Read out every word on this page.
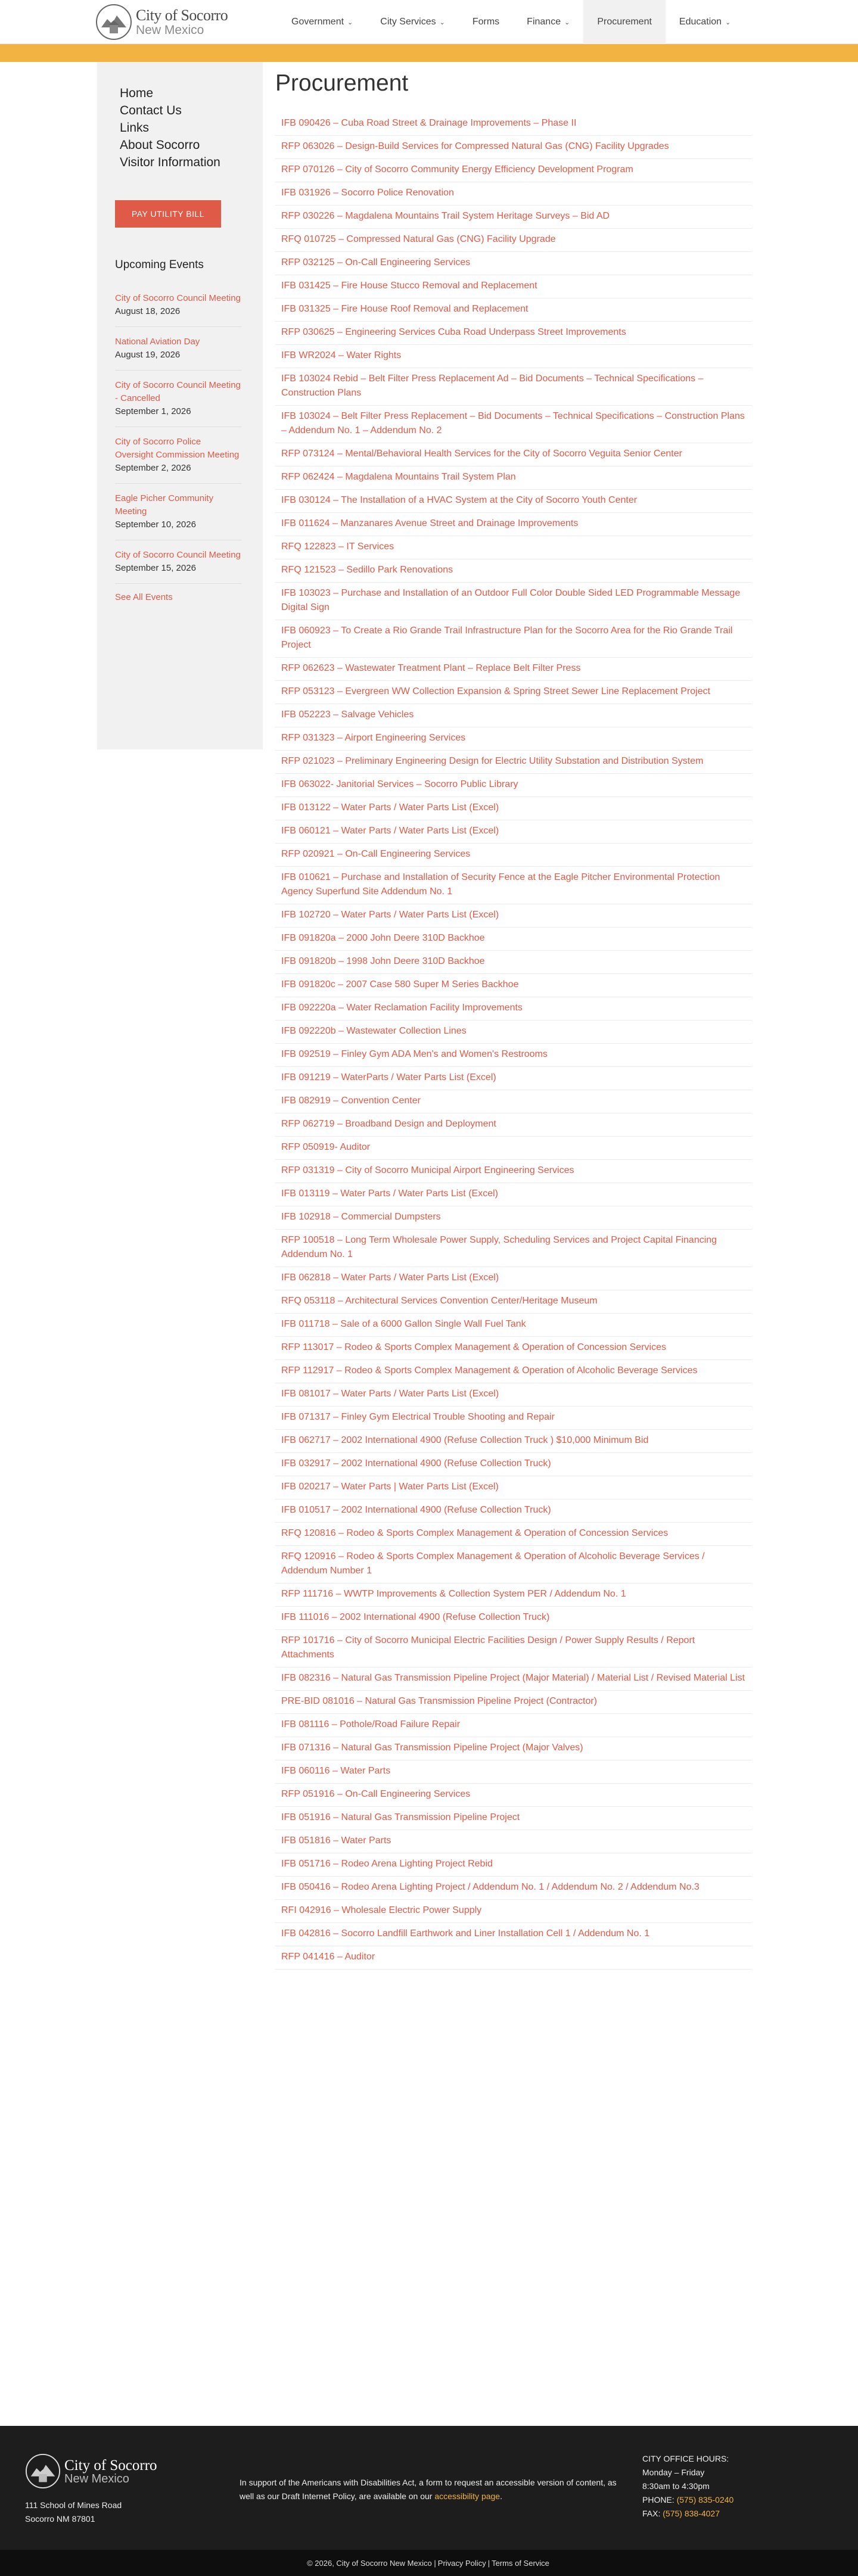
City of Socorro
New Mexico
Government ⌄	City Services ⌄	Forms	Finance ⌄	Procurement	Education ⌄
Home
Contact Us
Links
About Socorro
Visitor Information
PAY UTILITY BILL
Upcoming Events
City of Socorro Council Meeting
August 18, 2026
National Aviation Day
August 19, 2026
City of Socorro Council Meeting - Cancelled
September 1, 2026
City of Socorro Police Oversight Commission Meeting
September 2, 2026
Eagle Picher Community Meeting
September 10, 2026
City of Socorro Council Meeting
September 15, 2026
See All Events
Procurement
IFB 090426 – Cuba Road Street & Drainage Improvements – Phase II
RFP 063026 – Design-Build Services for Compressed Natural Gas (CNG) Facility Upgrades
RFP 070126 – City of Socorro Community Energy Efficiency Development Program
IFB 031926 – Socorro Police Renovation
RFP 030226 – Magdalena Mountains Trail System Heritage Surveys – Bid AD
RFQ 010725 – Compressed Natural Gas (CNG) Facility Upgrade
RFP 032125 – On-Call Engineering Services
IFB 031425 – Fire House Stucco Removal and Replacement
IFB 031325 – Fire House Roof Removal and Replacement
RFP 030625 – Engineering Services Cuba Road Underpass Street Improvements
IFB WR2024 – Water Rights
IFB 103024 Rebid – Belt Filter Press Replacement Ad – Bid Documents – Technical Specifications – Construction Plans
IFB 103024 – Belt Filter Press Replacement – Bid Documents – Technical Specifications – Construction Plans – Addendum No. 1 – Addendum No. 2
RFP 073124 – Mental/Behavioral Health Services for the City of Socorro Veguita Senior Center
RFP 062424 – Magdalena Mountains Trail System Plan
IFB 030124 – The Installation of a HVAC System at the City of Socorro Youth Center
IFB 011624 – Manzanares Avenue Street and Drainage Improvements
RFQ 122823 – IT Services
RFQ 121523 – Sedillo Park Renovations
IFB 103023 – Purchase and Installation of an Outdoor Full Color Double Sided LED Programmable Message Digital Sign
IFB 060923 – To Create a Rio Grande Trail Infrastructure Plan for the Socorro Area for the Rio Grande Trail Project
RFP 062623 – Wastewater Treatment Plant – Replace Belt Filter Press
RFP 053123 – Evergreen WW Collection Expansion & Spring Street Sewer Line Replacement Project
IFB 052223 – Salvage Vehicles
RFP 031323 – Airport Engineering Services
RFP 021023 – Preliminary Engineering Design for Electric Utility Substation and Distribution System
IFB 063022- Janitorial Services – Socorro Public Library
IFB 013122 – Water Parts / Water Parts List (Excel)
IFB 060121 – Water Parts / Water Parts List (Excel)
RFP 020921 – On-Call Engineering Services
IFB 010621 – Purchase and Installation of Security Fence at the Eagle Pitcher Environmental Protection Agency Superfund Site Addendum No. 1
IFB 102720 – Water Parts / Water Parts List (Excel)
IFB 091820a – 2000 John Deere 310D Backhoe
IFB 091820b – 1998 John Deere 310D Backhoe
IFB 091820c – 2007 Case 580 Super M Series Backhoe
IFB 092220a – Water Reclamation Facility Improvements
IFB 092220b – Wastewater Collection Lines
IFB 092519 – Finley Gym ADA Men's and Women's Restrooms
IFB 091219 – WaterParts / Water Parts List (Excel)
IFB 082919 – Convention Center
RFP 062719 – Broadband Design and Deployment
RFP 050919- Auditor
RFP 031319 – City of Socorro Municipal Airport Engineering Services
IFB 013119 – Water Parts / Water Parts List (Excel)
IFB 102918 – Commercial Dumpsters
RFP 100518 – Long Term Wholesale Power Supply, Scheduling Services and Project Capital Financing Addendum No. 1
IFB 062818 – Water Parts / Water Parts List (Excel)
RFQ 053118 – Architectural Services Convention Center/Heritage Museum
IFB 011718 – Sale of a 6000 Gallon Single Wall Fuel Tank
RFP 113017 – Rodeo & Sports Complex Management & Operation of Concession Services
RFP 112917 – Rodeo & Sports Complex Management & Operation of Alcoholic Beverage Services
IFB 081017 – Water Parts / Water Parts List (Excel)
IFB 071317 – Finley Gym Electrical Trouble Shooting and Repair
IFB 062717 – 2002 International 4900 (Refuse Collection Truck ) $10,000 Minimum Bid
IFB 032917 – 2002 International 4900 (Refuse Collection Truck)
IFB 020217 – Water Parts | Water Parts List (Excel)
IFB 010517 – 2002 International 4900 (Refuse Collection Truck)
RFQ 120816 – Rodeo & Sports Complex Management & Operation of Concession Services
RFQ 120916 – Rodeo & Sports Complex Management & Operation of Alcoholic Beverage Services / Addendum Number 1
RFP 111716 – WWTP Improvements & Collection System PER / Addendum No. 1
IFB 111016 – 2002 International 4900 (Refuse Collection Truck)
RFP 101716 – City of Socorro Municipal Electric Facilities Design / Power Supply Results / Report Attachments
IFB 082316 – Natural Gas Transmission Pipeline Project (Major Material) / Material List / Revised Material List
PRE-BID 081016 – Natural Gas Transmission Pipeline Project (Contractor)
IFB 081116 – Pothole/Road Failure Repair
IFB 071316 – Natural Gas Transmission Pipeline Project (Major Valves)
IFB 060116 – Water Parts
RFP 051916 – On-Call Engineering Services
IFB 051916 – Natural Gas Transmission Pipeline Project
IFB 051816 – Water Parts
IFB 051716 – Rodeo Arena Lighting Project Rebid
IFB 050416 – Rodeo Arena Lighting Project / Addendum No. 1 / Addendum No. 2 / Addendum No.3
RFI 042916 – Wholesale Electric Power Supply
IFB 042816 – Socorro Landfill Earthwork and Liner Installation Cell 1 / Addendum No. 1
RFP 041416 – Auditor
City of Socorro
New Mexico
111 School of Mines Road
Socorro NM 87801
In support of the Americans with Disabilities Act, a form to request an accessible version of content, as well as our Draft Internet Policy, are available on our accessibility page.
CITY OFFICE HOURS:
Monday – Friday
8:30am to 4:30pm
PHONE: (575) 835-0240
FAX: (575) 838-4027
© 2026, City of Socorro New Mexico | Privacy Policy | Terms of Service
